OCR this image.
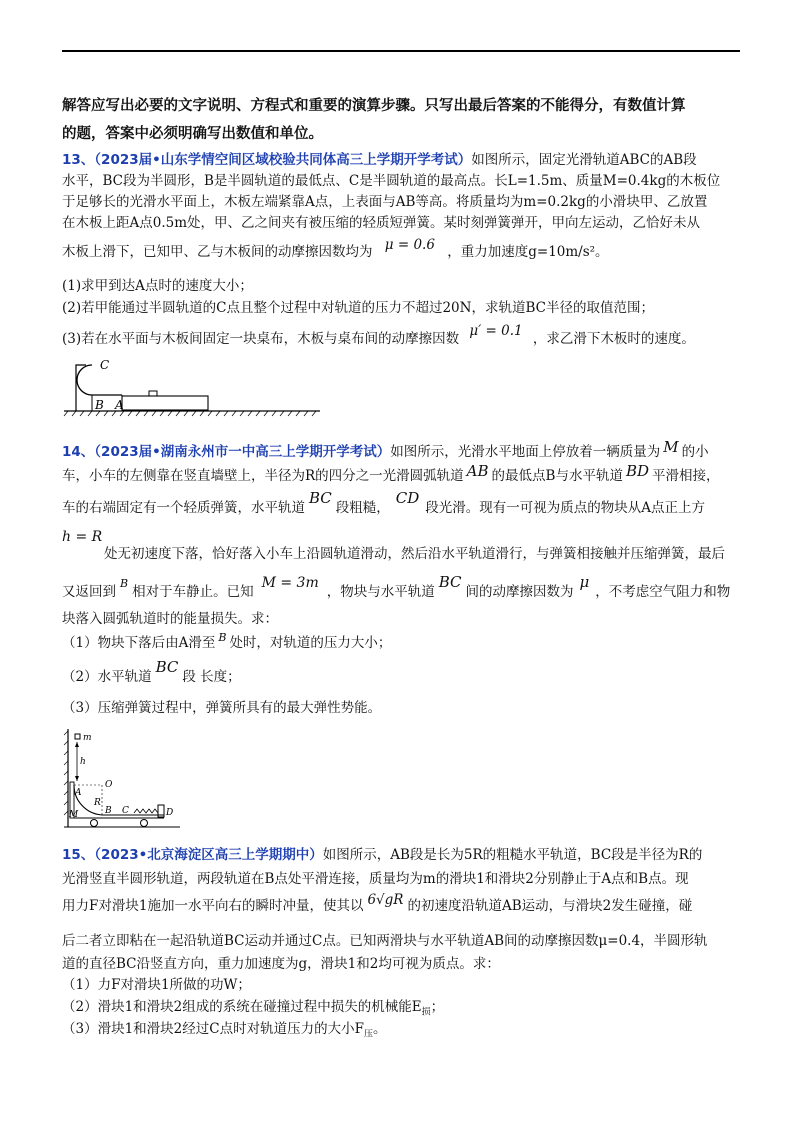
解答应写出必要的文字说明、方程式和重要的演算步骤。只写出最后答案的不能得分，有数值计算
的题，答案中必须明确写出数值和单位。
13、（2023届•山东学情空间区域校验共同体高三上学期开学考试）如图所示，固定光滑轨道ABC的AB段
水平，BC段为半圆形，B是半圆轨道的最低点、C是半圆轨道的最高点。长L=1.5m、质量M=0.4kg的木板位
于足够长的光滑水平面上，木板左端紧靠A点，上表面与AB等高。将质量均为m=0.2kg的小滑块甲、乙放置
在木板上距A点0.5m处，甲、乙之间夹有被压缩的轻质短弹簧。某时刻弹簧弹开，甲向左运动，乙恰好未从
木板上滑下，已知甲、乙与木板间的动摩擦因数均为 μ = 0.6 ，重力加速度g=10m/s²。
(1)求甲到达A点时的速度大小；
(2)若甲能通过半圆轨道的C点且整个过程中对轨道的压力不超过20N，求轨道BC半径的取值范围；
(3)若在水平面与木板间固定一块桌布，木板与桌布间的动摩擦因数 μ′ = 0.1 ，求乙滑下木板时的速度。
C
B A
14、（2023届•湖南永州市一中高三上学期开学考试）如图所示，光滑水平地面上停放着一辆质量为 M 的小
车，小车的左侧靠在竖直墙壁上，半径为R的四分之一光滑圆弧轨道 AB 的最低点B与水平轨道 BD 平滑相接，
车的右端固定有一个轻质弹簧，水平轨道BC段粗糙，CD段光滑。现有一可视为质点的物块从A点正上方
h = R
处无初速度下落，恰好落入小车上沿圆轨道滑动，然后沿水平轨道滑行，与弹簧相接触并压缩弹簧，最后
又返回到$^B$相对于车静止。已知M = 3m，物块与水平轨道BC间的动摩擦因数为μ，不考虑空气阻力和物
块落入圆弧轨道时的能量损失。求：
（1）物块下落后由A滑至 $^B$ 处时，对轨道的压力大小；
（2）水平轨道BC段 长度；
（3）压缩弹簧过程中，弹簧所具有的最大弹性势能。
m
h
O
A
R
M	B C	D
15、（2023•北京海淀区高三上学期期中）如图所示，AB段是长为5R的粗糙水平轨道，BC段是半径为R的
光滑竖直半圆形轨道，两段轨道在B点处平滑连接，质量均为m的滑块1和滑块2分别静止于A点和B点。现
用力F对滑块1施加一水平向右的瞬时冲量，使其以 6√gR 的初速度沿轨道AB运动，与滑块2发生碰撞，碰
后二者立即粘在一起沿轨道BC运动并通过C点。已知两滑块与水平轨道AB间的动摩擦因数μ=0.4，半圆形轨
道的直径BC沿竖直方向，重力加速度为g，滑块1和2均可视为质点。求：
（1）力F对滑块1所做的功W；
（2）滑块1和滑块2组成的系统在碰撞过程中损失的机械能$E_损$；
（3）滑块1和滑块2经过C点时对轨道压力的大小$F_压$。
